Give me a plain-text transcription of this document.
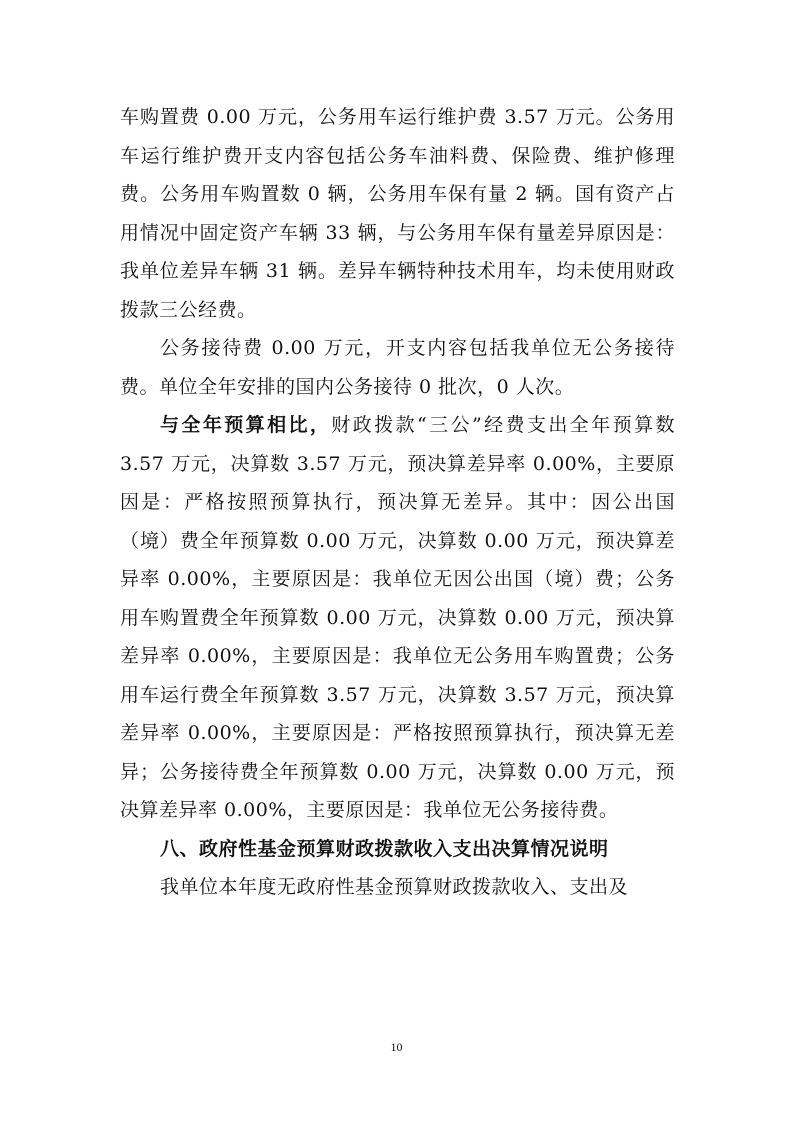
车购置费 0.00 万元，公务用车运行维护费 3.57 万元。公务用车运行维护费开支内容包括公务车油料费、保险费、维护修理费。公务用车购置数 0 辆，公务用车保有量 2 辆。国有资产占用情况中固定资产车辆 33 辆，与公务用车保有量差异原因是：我单位差异车辆 31 辆。差异车辆特种技术用车，均未使用财政拨款三公经费。

公务接待费 0.00 万元，开支内容包括我单位无公务接待费。单位全年安排的国内公务接待 0 批次，0 人次。

与全年预算相比，财政拨款“三公”经费支出全年预算数 3.57 万元，决算数 3.57 万元，预决算差异率 0.00%，主要原因是：严格按照预算执行，预决算无差异。其中：因公出国（境）费全年预算数 0.00 万元，决算数 0.00 万元，预决算差异率 0.00%，主要原因是：我单位无因公出国（境）费；公务用车购置费全年预算数 0.00 万元，决算数 0.00 万元，预决算差异率 0.00%，主要原因是：我单位无公务用车购置费；公务用车运行费全年预算数 3.57 万元，决算数 3.57 万元，预决算差异率 0.00%，主要原因是：严格按照预算执行，预决算无差异；公务接待费全年预算数 0.00 万元，决算数 0.00 万元，预决算差异率 0.00%，主要原因是：我单位无公务接待费。

八、政府性基金预算财政拨款收入支出决算情况说明

我单位本年度无政府性基金预算财政拨款收入、支出及

10
